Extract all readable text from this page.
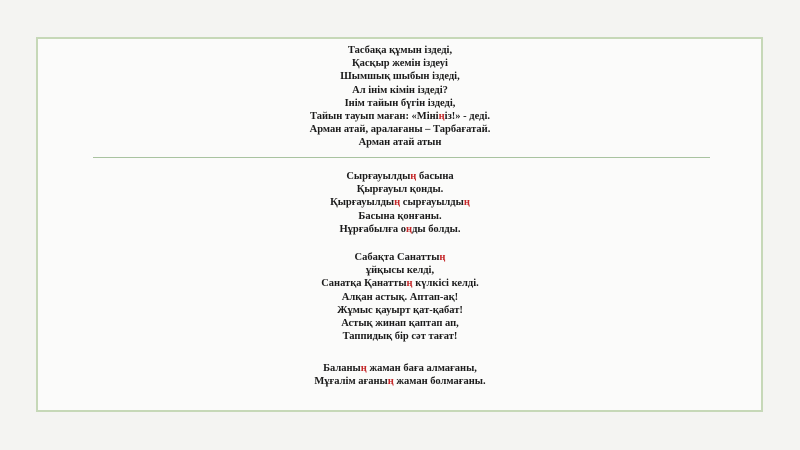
Тасбақа құмын іздеді,
Қасқыр жемін іздеуі
Шымшық шыбын іздеді,
Ал інім кімін іздеді?
Інім тайын бүгін іздеді,
Тайын тауып маған: «Мініңіз!» - деді.
Арман атай, аралағаны – Тарбағатай.
Арман атай атын
Сырғауылдың басына
Қырғауыл қонды.
Қырғауылдың сырғауылдың
Басына қонғаны.
Нұрғабылға оңды болды.
Сабақта Санаттың
ұйқысы келді,
Санатқа Қанаттың күлкісі келді.
Алқан астық. Аптап-ақ!
Жұмыс қауырт қат-қабат!
Астық жинап қаптап ап,
Таппидық бір сәт тағат!
Баланың жаман баға алмағаны,
Мұғалім ағаның жаман болмағаны.
